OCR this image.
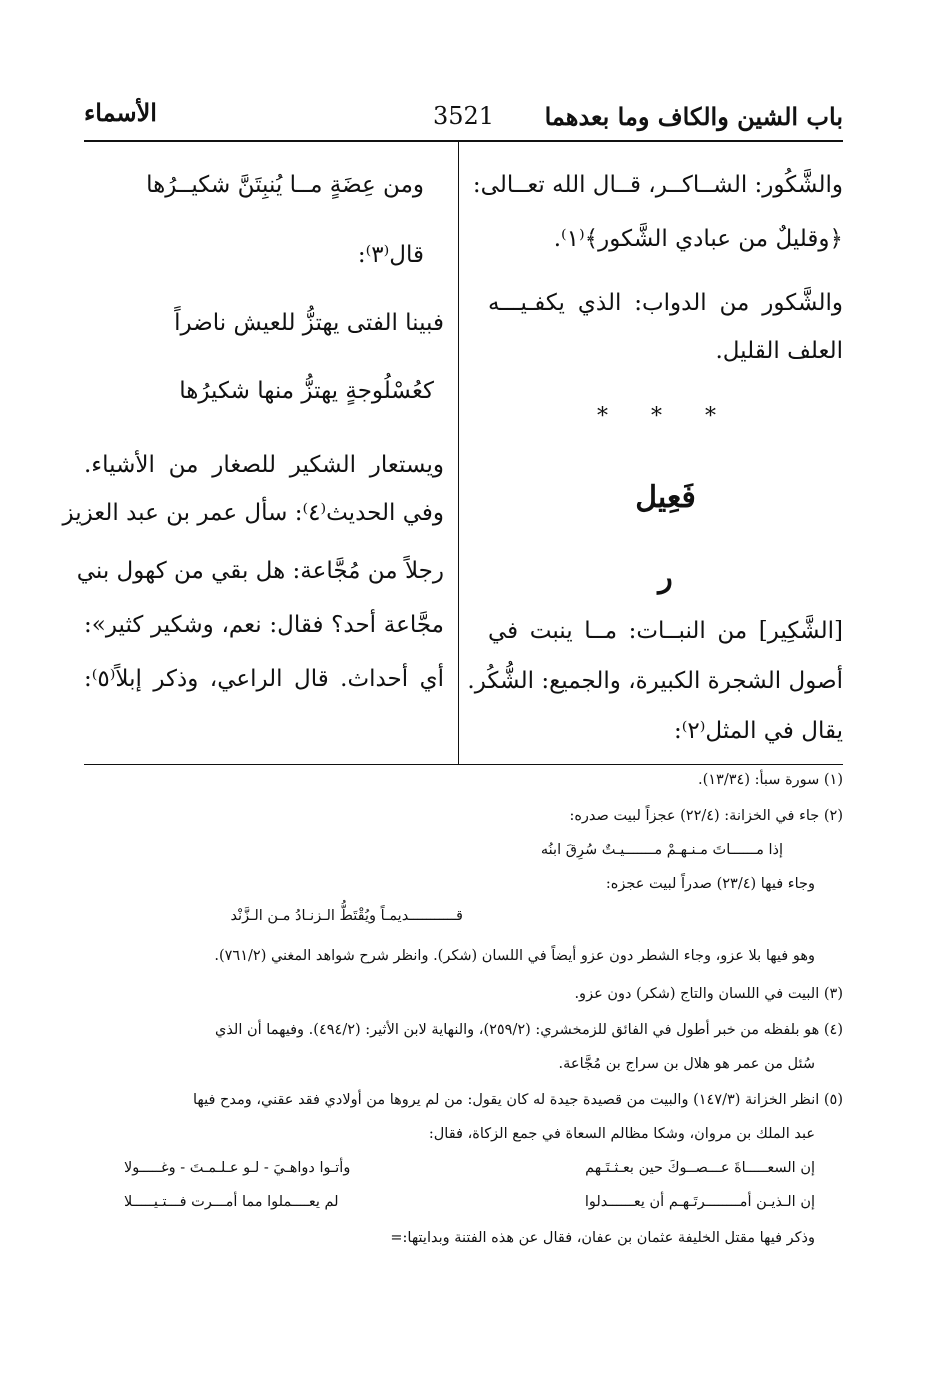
باب الشين والكاف وما بعدهما
3521
الأسماء
والشَّكُور: الشــاكــر، قــال الله تعــالى:
﴿وقليلٌ من عبادي الشَّكور﴾⁽١⁾.
والشَّكور من الدواب: الذي يكفـيـــه
العلف القليل.
* * *
فَعِيل
ر
[الشَّكِير] من النبــات: مــا ينبت في
أصول الشجرة الكبيرة، والجميع: الشُّكُر.
يقال في المثل⁽٢⁾:
ومن عِضَةٍ مــا يُنبِتَنَّ شكيــرُها
قال⁽٣⁾:
فبينا الفتى يهتزُّ للعيش ناضراً
كعُسْلُوجةٍ يهتزُّ منها شكيرُها
ويستعار الشكير للصغار من الأشياء.
وفي الحديث⁽٤⁾: سأل عمر بن عبد العزيز
رجلاً من مُجَّاعة: هل بقي من كهول بني
مجَّاعة أحد؟ فقال: نعم، وشكير كثير»:
أي أحداث. قال الراعي، وذكر إبلاً⁽٥⁾:
(١) سورة سبأ: (١٣/٣٤).
(٢) جاء في الخزانة: (٢٢/٤) عجزاً لبيت صدره:
إذا مــــــاتَ مـنـهـمْ مـــــــيـتٌ سُرِقَ ابنُه
وجاء فيها (٢٣/٤) صدراً لبيت عجزه:
قـــــــــــديمـاً ويُقْتَطُّ الـزنـادُ مـن الـزَّنْد
وهو فيها بلا عزو، وجاء الشطر دون عزو أيضاً في اللسان (شكر). وانظر شرح شواهد المغني (٧٦١/٢).
(٣) البيت في اللسان والتاج (شكر) دون عزو.
(٤) هو بلفظه من خبر أطول في الفائق للزمخشري: (٢٥٩/٢)، والنهاية لابن الأثير: (٤٩٤/٢). وفيهما أن الذي
سُئل من عمر هو هلال بن سراج بن مُجَّاعة.
(٥) انظر الخزانة (١٤٧/٣) والبيت من قصيدة جيدة له كان يقول: من لم يروها من أولادي فقد عقني، ومدح فيها
عبد الملك بن مروان، وشكا مظالم السعاة في جمع الزكاة، فقال:
إن السعـــــاةَ عـــصــوكَ حين بعـثـتَـهم
وأتـوا دواهـيَ - لـو عـلـمـتَ - وغـــــولا
إن الـذيـن أمــــــــرتَـهـم أن يعــــــدلوا
لم يعــــملوا مما أمـــرت فـــتـيـــــلا
وذكر فيها مقتل الخليفة عثمان بن عفان، فقال عن هذه الفتنة وبدايتها:=
